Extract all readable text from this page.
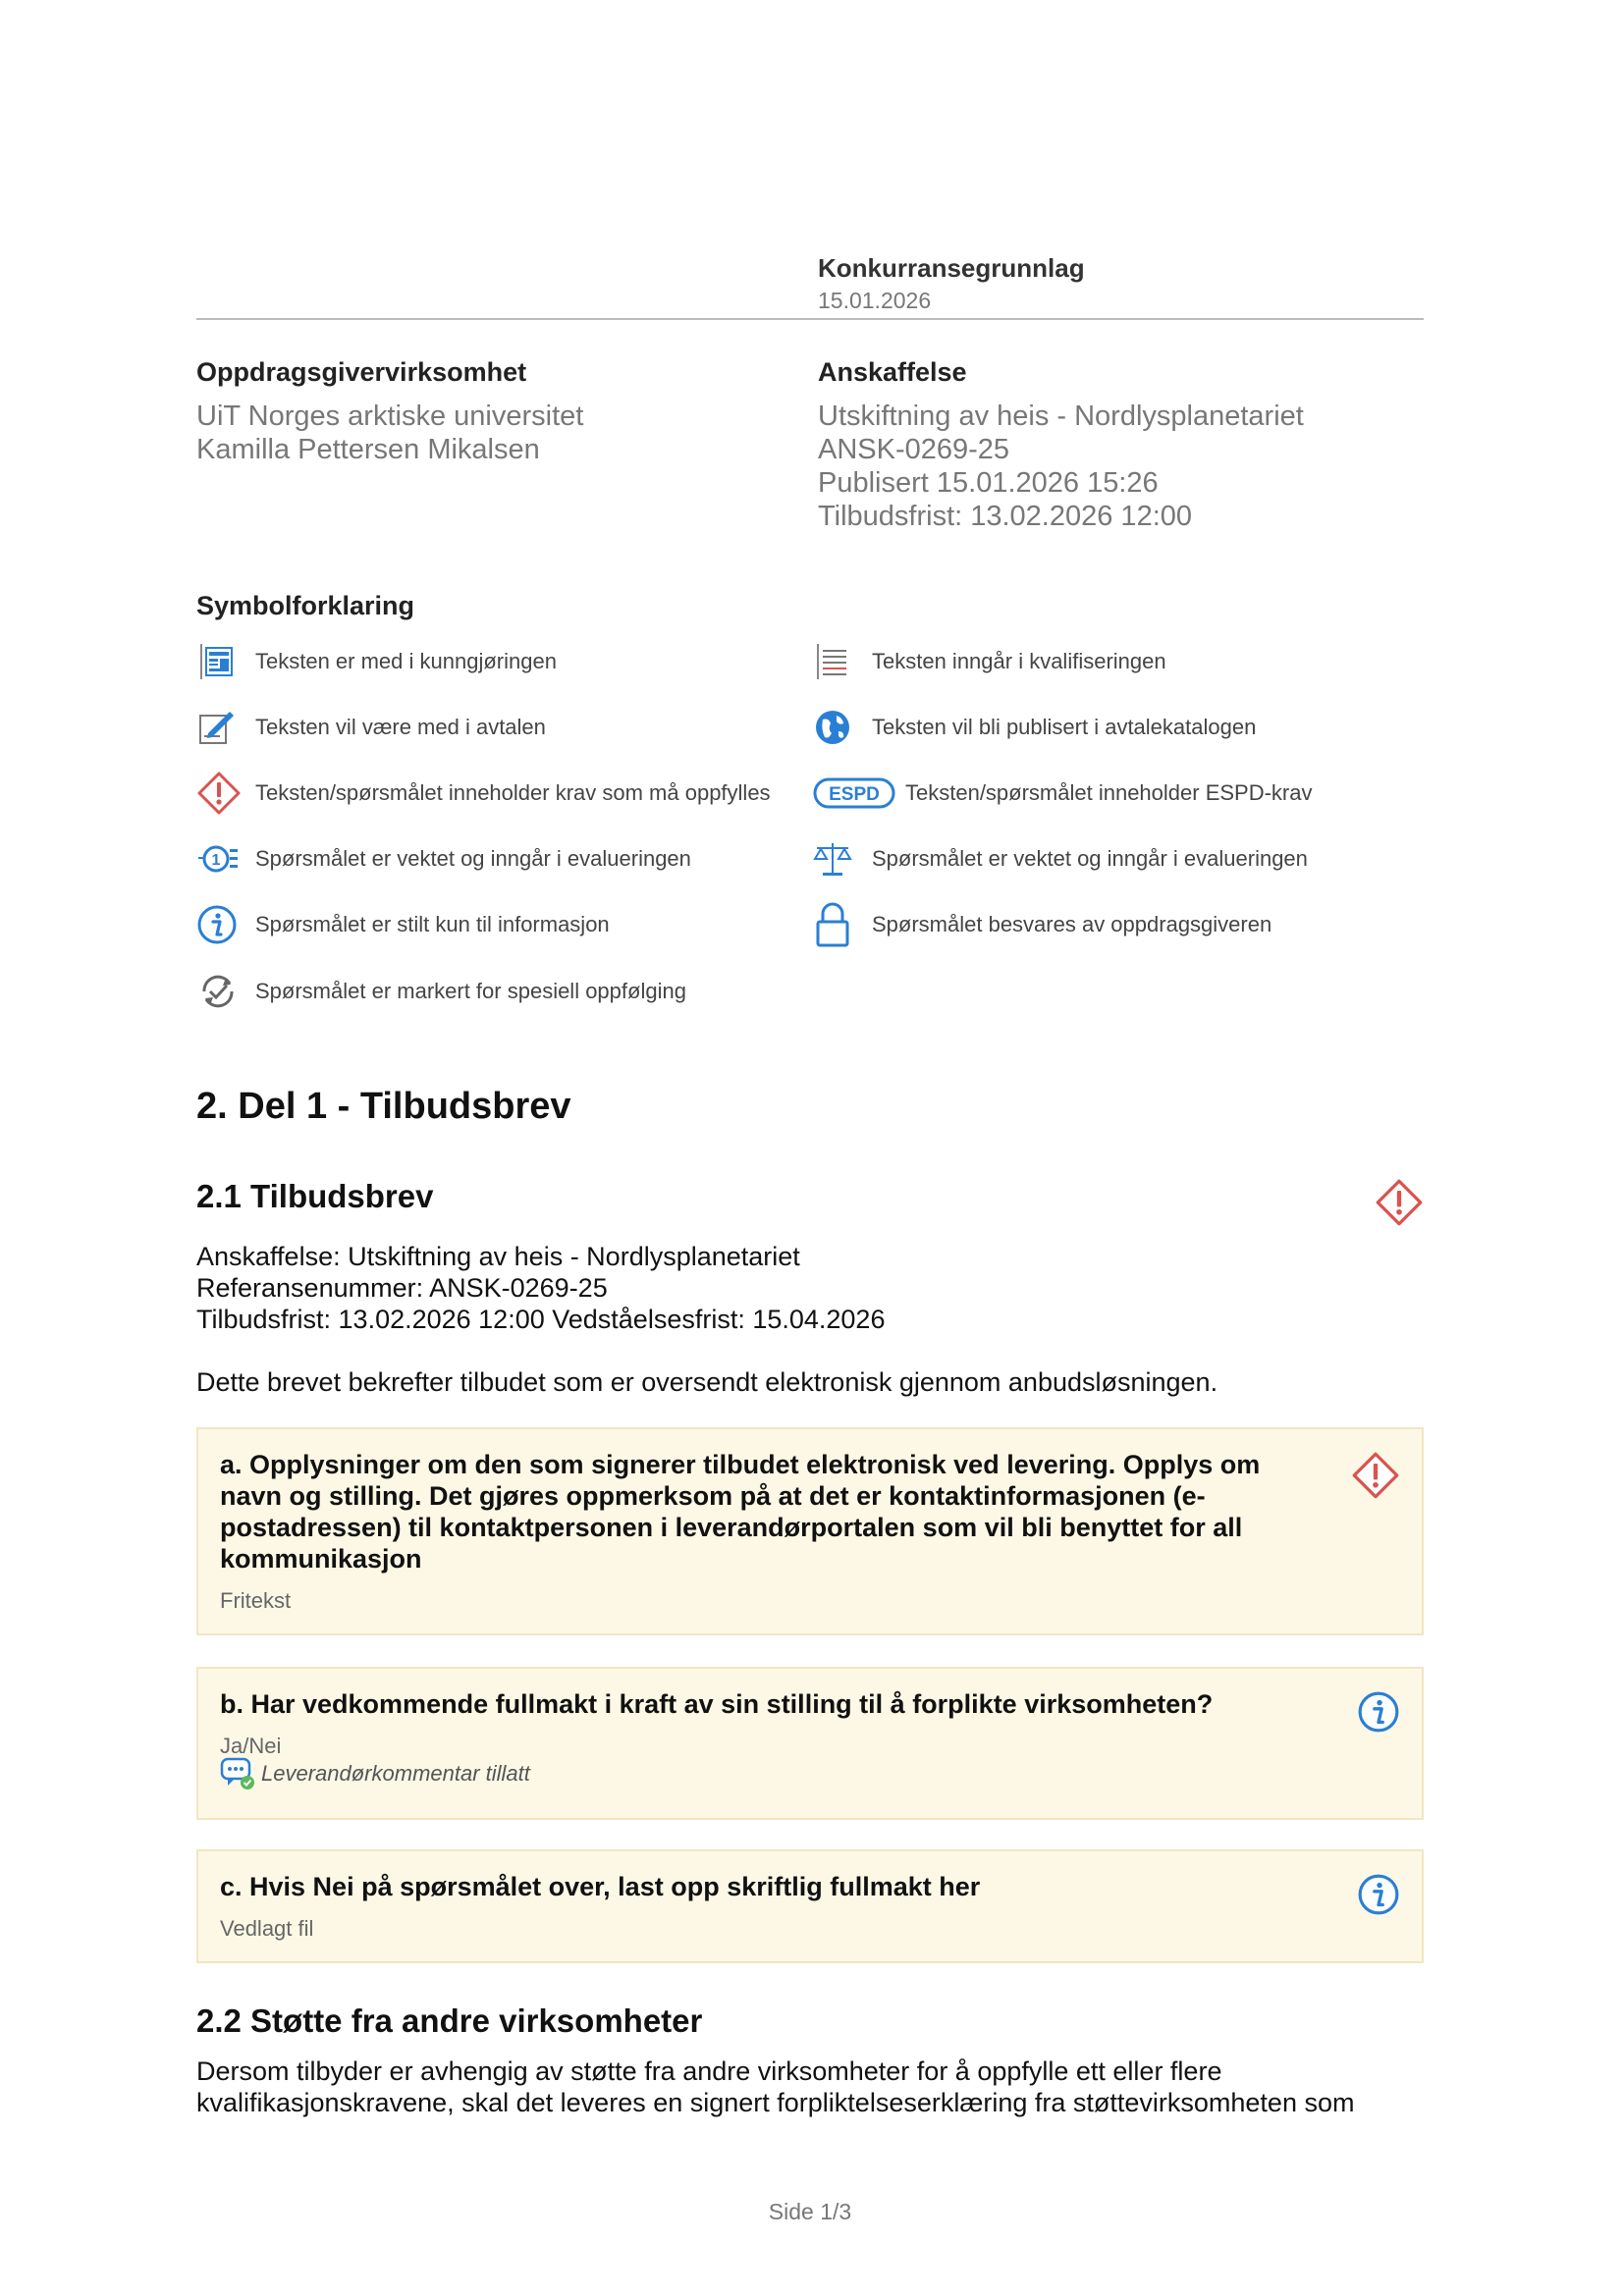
Konkurransegrunnlag
15.01.2026
Oppdragsgivervirksomhet
UiT Norges arktiske universitet
Kamilla Pettersen Mikalsen
Anskaffelse
Utskiftning av heis - Nordlysplanetariet
ANSK-0269-25
Publisert 15.01.2026 15:26
Tilbudsfrist: 13.02.2026 12:00
Symbolforklaring
Teksten er med i kunngjøringen	Teksten inngår i kvalifiseringen
Teksten vil være med i avtalen	Teksten vil bli publisert i avtalekatalogen
Teksten/spørsmålet inneholder krav som må oppfylles	ESPD Teksten/spørsmålet inneholder ESPD-krav
1 Spørsmålet er vektet og inngår i evalueringen	Spørsmålet er vektet og inngår i evalueringen
Spørsmålet er stilt kun til informasjon	Spørsmålet besvares av oppdragsgiveren
Spørsmålet er markert for spesiell oppfølging
2. Del 1 - Tilbudsbrev
2.1 Tilbudsbrev
Anskaffelse: Utskiftning av heis - Nordlysplanetariet
Referansenummer: ANSK-0269-25
Tilbudsfrist: 13.02.2026 12:00 Vedståelsesfrist: 15.04.2026
Dette brevet bekrefter tilbudet som er oversendt elektronisk gjennom anbudsløsningen.
a. Opplysninger om den som signerer tilbudet elektronisk ved levering. Opplys om navn og stilling. Det gjøres oppmerksom på at det er kontaktinformasjonen (e-postadressen) til kontaktpersonen i leverandørportalen som vil bli benyttet for all kommunikasjon
Fritekst
b. Har vedkommende fullmakt i kraft av sin stilling til å forplikte virksomheten?
Ja/Nei
Leverandørkommentar tillatt
c. Hvis Nei på spørsmålet over, last opp skriftlig fullmakt her
Vedlagt fil
2.2 Støtte fra andre virksomheter
Dersom tilbyder er avhengig av støtte fra andre virksomheter for å oppfylle ett eller flere kvalifikasjonskravene, skal det leveres en signert forpliktelseserklæring fra støttevirksomheten som
Side 1/3
